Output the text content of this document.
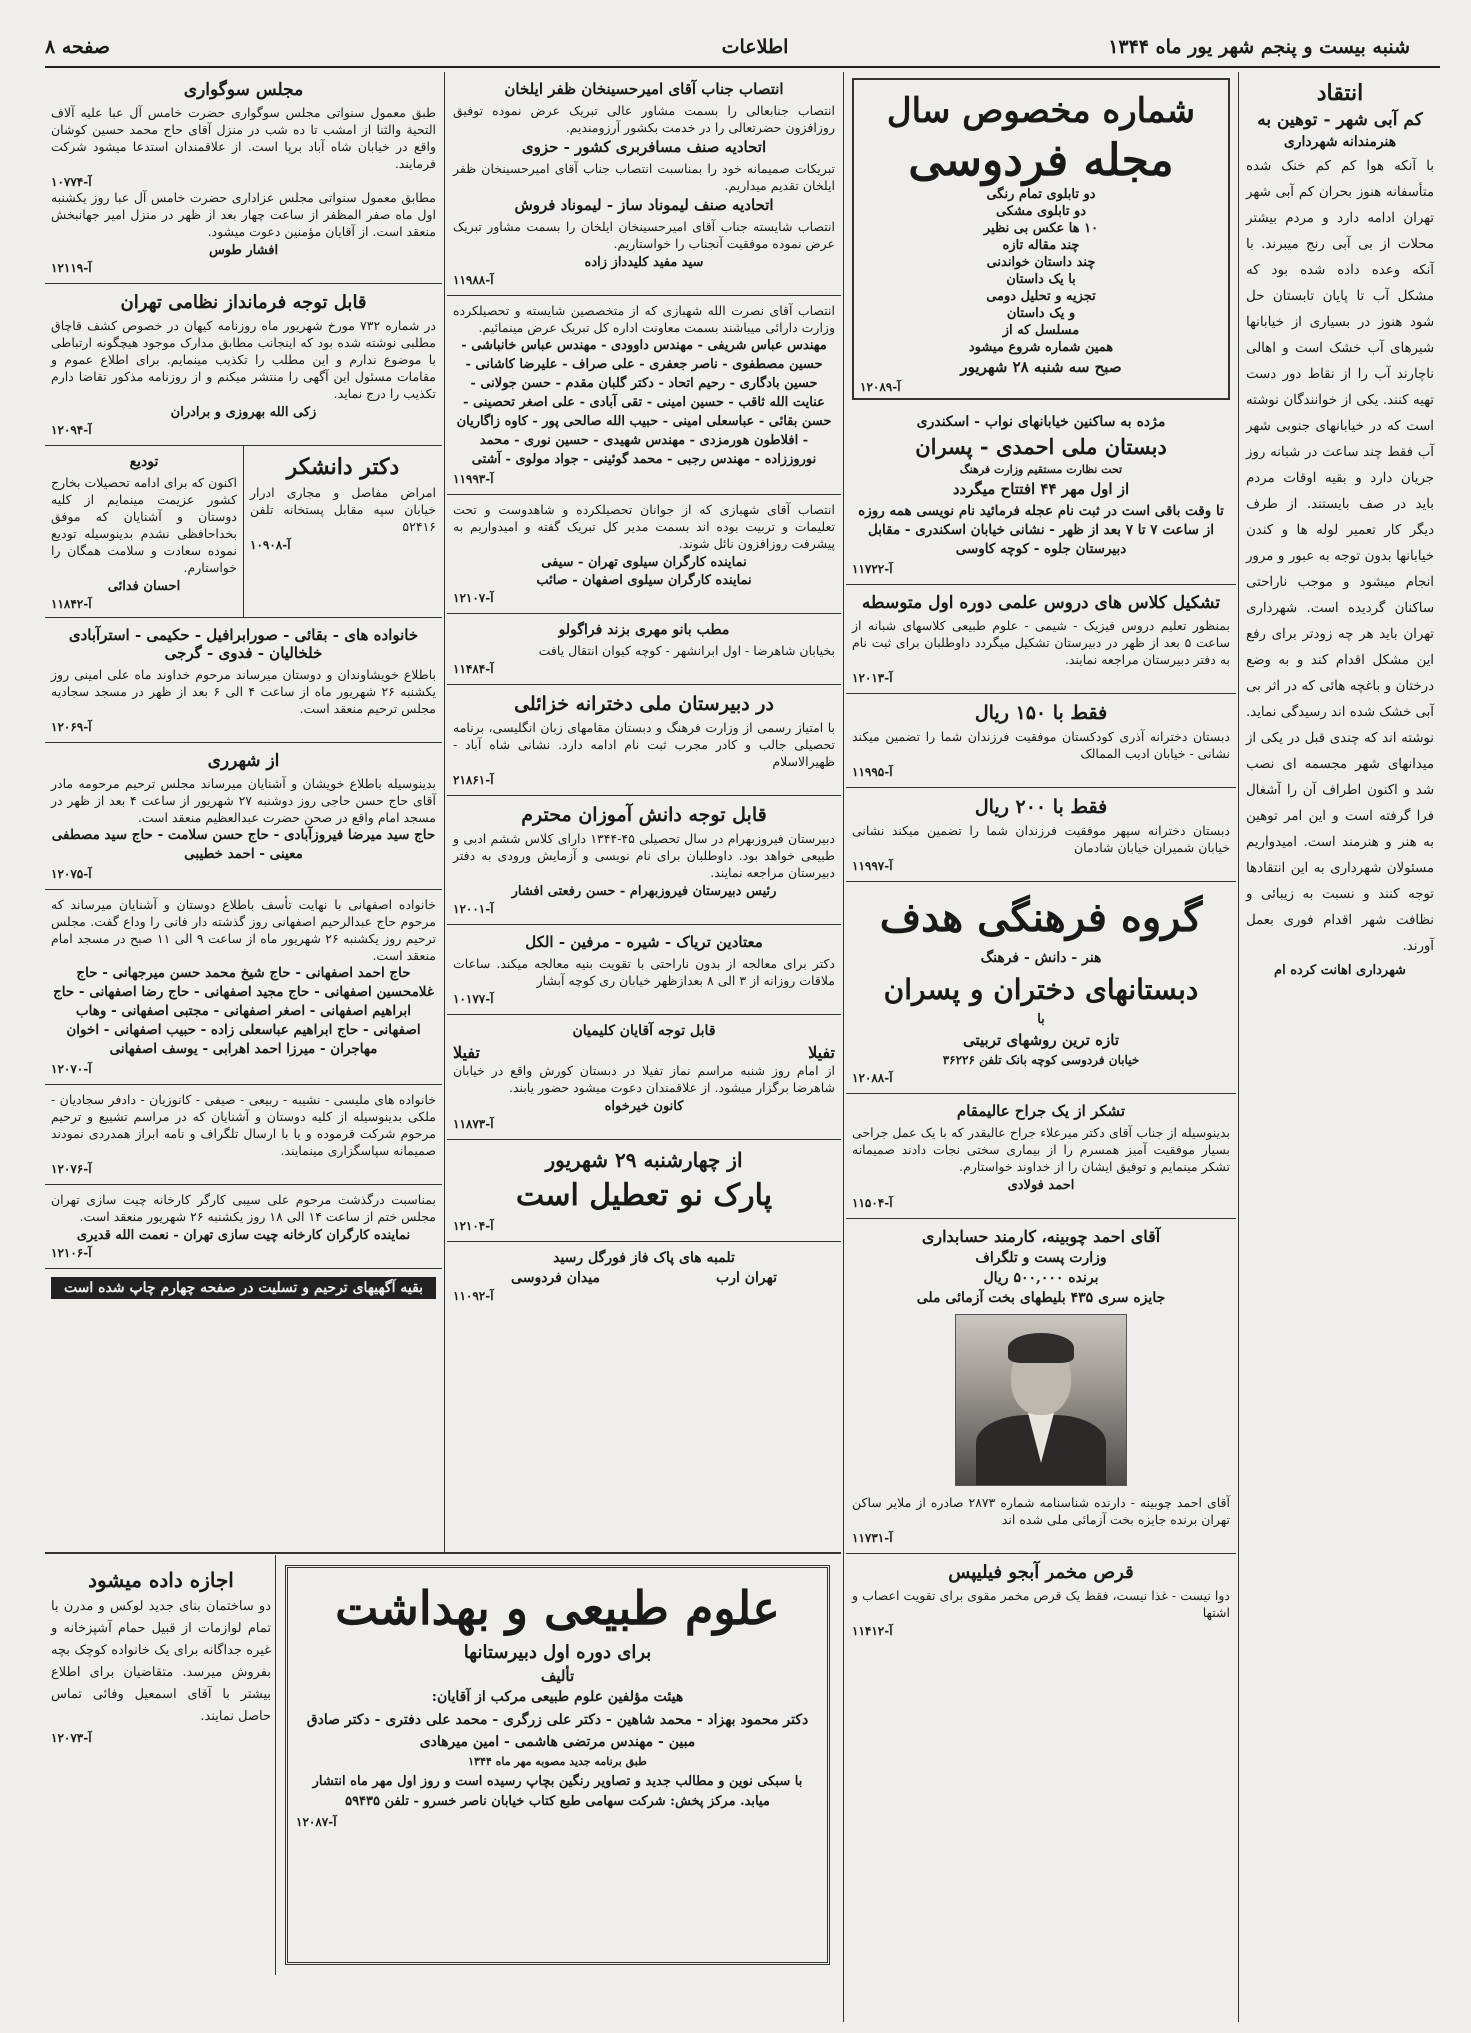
شنبه بیست و پنجم شهر یور ماه ۱۳۴۴
اطلاعات
صفحه ۸
انتقاد
کم آبی شهر - توهین به
هنرمندانه شهرداری
با آنکه هوا کم کم خنک شده متأسفانه هنوز بحران کم آبی شهر تهران ادامه دارد و مردم بیشتر محلات از بی آبی رنج میبرند. با آنکه وعده داده شده بود که مشکل آب تا پایان تابستان حل شود هنوز در بسیاری از خیابانها شیرهای آب خشک است و اهالی ناچارند آب را از نقاط دور دست تهیه کنند. یکی از خوانندگان نوشته است که در خیابانهای جنوبی شهر آب فقط چند ساعت در شبانه روز جریان دارد و بقیه اوقات مردم باید در صف بایستند. از طرف دیگر کار تعمیر لوله ها و کندن خیابانها بدون توجه به عبور و مرور انجام میشود و موجب ناراحتی ساکنان گردیده است. شهرداری تهران باید هر چه زودتر برای رفع این مشکل اقدام کند و به وضع درختان و باغچه هائی که در اثر بی آبی خشک شده اند رسیدگی نماید. نوشته اند که چندی قبل در یکی از میدانهای شهر مجسمه ای نصب شد و اکنون اطراف آن را آشغال فرا گرفته است و این امر توهین به هنر و هنرمند است. امیدواریم مسئولان شهرداری به این انتقادها توجه کنند و نسبت به زیبائی و نظافت شهر اقدام فوری بعمل آورند.
شهرداری اهانت کرده ام
شماره مخصوص سال
مجله فردوسی
دو تابلوی تمام رنگی
دو تابلوی مشکی
۱۰ ها عکس بی نظیر
چند مقاله تازه
چند داستان خواندنی
با یک داستان
تجزیه و تحلیل دومی
و یک داستان
مسلسل که از
همین شماره شروع میشود
صبح سه شنبه ۲۸ شهریور
آ-۱۲۰۸۹
مژده به ساکنین خیابانهای نواب - اسکندری
دبستان ملی احمدی - پسران
تحت نظارت مستقیم وزارت فرهنگ
از اول مهر ۴۴ افتتاح میگردد
تا وقت باقی است در ثبت نام عجله فرمائید نام نویسی همه روزه از ساعت ۷ تا ۷ بعد از ظهر - نشانی خیابان اسکندری - مقابل دبیرستان جلوه - کوچه کاوسی
آ-۱۱۷۲۲
تشکیل کلاس های دروس علمی دوره اول متوسطه
بمنظور تعلیم دروس فیزیک - شیمی - علوم طبیعی کلاسهای شبانه از ساعت ۵ بعد از ظهر در دبیرستان تشکیل میگردد داوطلبان برای ثبت نام به دفتر دبیرستان مراجعه نمایند.
آ-۱۲۰۱۳
فقط با ۱۵۰ ریال
دبستان دخترانه آذری کودکستان موفقیت فرزندان شما را تضمین میکند نشانی - خیابان ادیب الممالک
آ-۱۱۹۹۵
فقط با ۲۰۰ ریال
دبستان دخترانه سپهر موفقیت فرزندان شما را تضمین میکند نشانی خیابان شمیران خیابان شادمان
آ-۱۱۹۹۷
گروه فرهنگی هدف
هنر - دانش - فرهنگ
دبستانهای دختران و پسران
با
تازه ترین روشهای تربیتی
خیابان فردوسی کوچه بانک تلفن ۳۶۲۲۶
آ-۱۲۰۸۸
تشکر از یک جراح عالیمقام
بدینوسیله از جناب آقای دکتر میرعلاء جراح عالیقدر که با یک عمل جراحی بسیار موفقیت آمیز همسرم را از بیماری سختی نجات دادند صمیمانه تشکر مینمایم و توفیق ایشان را از خداوند خواستارم.
احمد فولادی
آ-۱۱۵۰۴
آقای احمد چوبینه، کارمند حسابداری
وزارت پست و تلگراف
برنده ۵۰۰,۰۰۰ ریال
جایزه سری ۴۳۵ بلیطهای بخت آزمائی ملی
آقای احمد چوبینه - دارنده شناسنامه شماره ۲۸۷۳ صادره از ملایر ساکن تهران برنده جایزه بخت آزمائی ملی شده اند
آ-۱۱۷۳۱
قرص مخمر آبجو فیلیپس
دوا نیست - غذا نیست، فقط یک قرص مخمر مقوی برای تقویت اعصاب و اشتها
آ-۱۱۴۱۲
انتصاب جناب آقای امیرحسینخان ظفر ایلخان
انتصاب جنابعالی را بسمت مشاور عالی تبریک عرض نموده توفیق روزافزون حضرتعالی را در خدمت بکشور آرزومندیم.
اتحادیه صنف مسافربری کشور - حزوی
تبریکات صمیمانه خود را بمناسبت انتصاب جناب آقای امیرحسینخان ظفر ایلخان تقدیم میداریم.
اتحادیه صنف لیموناد ساز - لیموناد فروش
انتصاب شایسته جناب آقای امیرحسینخان ایلخان را بسمت مشاور تبریک عرض نموده موفقیت آنجناب را خواستاریم.
سید مفید کلیدداز زاده
آ-۱۱۹۸۸
انتصاب آقای نصرت الله شهبازی که از متخصصین شایسته و تحصیلکرده وزارت دارائی میباشند بسمت معاونت اداره کل تبریک عرض مینمائیم.
مهندس عباس شریفی - مهندس داوودی - مهندس عباس خانباشی - حسین مصطفوی - ناصر جعفری - علی صراف - علیرضا کاشانی - حسین بادگاری - رحیم اتحاد - دکتر گلبان مقدم - حسن جولانی - عنایت الله ثاقب - حسین امینی - تقی آبادی - علی اصغر تحصینی - حسن بقائی - عباسعلی امینی - حبیب الله صالحی پور - کاوه زاگاریان - افلاطون هورمزدی - مهندس شهیدی - حسین نوری - محمد نوروززاده - مهندس رجبی - محمد گوئینی - جواد مولوی - آشتی
آ-۱۱۹۹۳
انتصاب آقای شهبازی که از جوانان تحصیلکرده و شاهدوست و تحت تعلیمات و تربیت بوده اند بسمت مدیر کل تبریک گفته و امیدواریم به پیشرفت روزافزون نائل شوند.
نماینده کارگران سیلوی تهران - سیفی
نماینده کارگران سیلوی اصفهان - صائب
آ-۱۲۱۰۷
مطب بانو مهری بزند فراگولو
بخیابان شاهرضا - اول ابرانشهر - کوچه کیوان انتقال یافت
آ-۱۱۴۸۴
در دبیرستان ملی دخترانه خزائلی
با امتیاز رسمی از وزارت فرهنگ و دبستان مقامهای زبان انگلیسی، برنامه تحصیلی جالب و کادر مجرب ثبت نام ادامه دارد. نشانی شاه آباد - ظهیرالاسلام
آ-۲۱۸۶۱
قابل توجه دانش آموزان محترم
دبیرستان فیروزبهرام در سال تحصیلی ۴۵-۱۳۴۴ دارای کلاس ششم ادبی و طبیعی خواهد بود. داوطلبان برای نام نویسی و آزمایش ورودی به دفتر دبیرستان مراجعه نمایند.
رئیس دبیرستان فیروزبهرام - حسن رفعتی افشار
آ-۱۲۰۰۱
معتادین تریاک - شیره - مرفین - الکل
دکتر برای معالجه از بدون ناراحتی با تقویت بنیه معالجه میکند. ساعات ملاقات روزانه از ۳ الی ۸ بعدازظهر خیابان ری کوچه آبشار
آ-۱۰۱۷۷
قابل توجه آقایان کلیمیان
تفیلا
تفیلا
از امام روز شنبه مراسم نماز تفیلا در دبستان کورش واقع در خیابان شاهرضا برگزار میشود. از علاقمندان دعوت میشود حضور یابند.
کانون خیرخواه
آ-۱۱۸۷۳
از چهارشنبه ۲۹ شهریور
پارک نو تعطیل است
آ-۱۲۱۰۴
تلمبه های پاک فاز فورگل رسید
تهران ارب
میدان فردوسی
آ-۱۱۰۹۲
مجلس سوگواری
طبق معمول سنواتی مجلس سوگواری حضرت خامس آل عبا علیه آلاف التحیة والثنا از امشب تا ده شب در منزل آقای حاج محمد حسین کوشان واقع در خیابان شاه آباد برپا است. از علاقمندان استدعا میشود شرکت فرمایند.
آ-۱۰۷۷۴
مطابق معمول سنواتی مجلس عزاداری حضرت خامس آل عبا روز یکشنبه اول ماه صفر المظفر از ساعت چهار بعد از ظهر در منزل امیر جهانبخش منعقد است. از آقایان مؤمنین دعوت میشود.
افشار طوس
آ-۱۲۱۱۹
قابل توجه فرمانداز نظامی تهران
در شماره ۷۳۲ مورخ شهریور ماه روزنامه کیهان در خصوص کشف قاچاق مطلبی نوشته شده بود که اینجانب مطابق مدارک موجود هیچگونه ارتباطی با موضوع ندارم و این مطلب را تکذیب مینمایم. برای اطلاع عموم و مقامات مسئول این آگهی را منتشر میکنم و از روزنامه مذکور تقاضا دارم تکذیب را درج نماید.
زکی الله بهروزی و برادران
آ-۱۲۰۹۴
دکتر دانشکر
امراض مفاصل و مجاری ادرار خیابان سپه مقابل پستخانه تلفن ۵۲۴۱۶
آ-۱۰۹۰۸
تودیع
اکنون که برای ادامه تحصیلات بخارج کشور عزیمت مینمایم از کلیه دوستان و آشنایان که موفق بخداحافظی نشدم بدینوسیله تودیع نموده سعادت و سلامت همگان را خواستارم.
احسان فدائی
آ-۱۱۸۴۲
خانواده های - بقائی - صورابرافیل - حکیمی - استرآبادی خلخالیان - فدوی - گرجی
باطلاع خویشاوندان و دوستان میرساند مرحوم خداوند ماه علی امینی روز یکشنبه ۲۶ شهریور ماه از ساعت ۴ الی ۶ بعد از ظهر در مسجد سجادیه مجلس ترحیم منعقد است.
آ-۱۲۰۶۹
از شهرری
بدینوسیله باطلاع خویشان و آشنایان میرساند مجلس ترحیم مرحومه مادر آقای حاج حسن حاجی روز دوشنبه ۲۷ شهریور از ساعت ۴ بعد از ظهر در مسجد امام واقع در صحن حضرت عبدالعظیم منعقد است.
حاج سید میرضا فیروزآبادی - حاج حسن سلامت - حاج سید مصطفی معینی - احمد خطیبی
آ-۱۲۰۷۵
خانواده اصفهانی با نهایت تأسف باطلاع دوستان و آشنایان میرساند که مرحوم حاج عبدالرحیم اصفهانی روز گذشته دار فانی را وداع گفت. مجلس ترحیم روز یکشنبه ۲۶ شهریور ماه از ساعت ۹ الی ۱۱ صبح در مسجد امام منعقد است.
حاج احمد اصفهانی - حاج شیخ محمد حسن میرجهانی - حاج غلامحسین اصفهانی - حاج مجید اصفهانی - حاج رضا اصفهانی - حاج ابراهیم اصفهانی - اصغر اصفهانی - مجتبی اصفهانی - وهاب اصفهانی - حاج ابراهیم عباسعلی زاده - حبیب اصفهانی - اخوان مهاجران - میرزا احمد اهرابی - یوسف اصفهانی
آ-۱۲۰۷۰
خانواده های ملیسی - نشیبه - ربیعی - صیفی - کانوزیان - دادفر سجادیان - ملکی بدینوسیله از کلیه دوستان و آشنایان که در مراسم تشییع و ترحیم مرحوم شرکت فرموده و یا با ارسال تلگراف و نامه ابراز همدردی نمودند صمیمانه سپاسگزاری مینمایند.
آ-۱۲۰۷۶
بمناسبت درگذشت مرحوم علی سیبی کارگر کارخانه چیت سازی تهران مجلس ختم از ساعت ۱۴ الی ۱۸ روز یکشنبه ۲۶ شهریور منعقد است.
نماینده کارگران کارخانه چیت سازی تهران - نعمت الله قدیری
آ-۱۲۱۰۶
بقیه آگهیهای ترحیم و تسلیت در صفحه چهارم چاپ شده است
اجازه داده میشود
دو ساختمان بنای جدید لوکس و مدرن با تمام لوازمات از قبیل حمام آشپزخانه و غیره جداگانه برای یک خانواده کوچک بچه بفروش میرسد. متقاضیان برای اطلاع بیشتر با آقای اسمعیل وفائی تماس حاصل نمایند.
آ-۱۲۰۷۳
علوم طبیعی و بهداشت
برای دوره اول دبیرستانها
تألیف
هیئت مؤلفین علوم طبیعی مرکب از آقایان:
دکتر محمود بهزاد - محمد شاهین - دکتر علی زرگری - محمد علی دفتری - دکتر صادق مبین - مهندس مرتضی هاشمی - امین میرهادی
طبق برنامه جدید مصوبه مهر ماه ۱۳۴۴
با سبکی نوین و مطالب جدید و تصاویر رنگین بچاپ رسیده است و روز اول مهر ماه انتشار میابد. مرکز پخش: شرکت سهامی طبع کتاب خیابان ناصر خسرو - تلفن ۵۹۴۳۵
آ-۱۲۰۸۷
